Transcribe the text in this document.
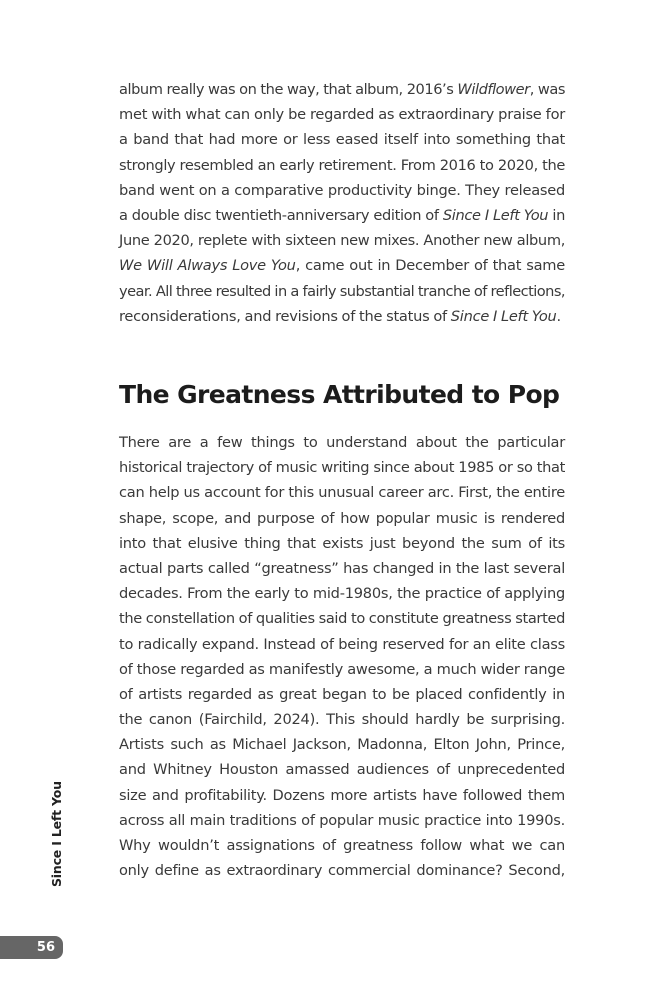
album really was on the way, that album, 2016’s Wildflower, was
met with what can only be regarded as extraordinary praise for
a band that had more or less eased itself into something that
strongly resembled an early retirement. From 2016 to 2020, the
band went on a comparative productivity binge. They released
a double disc twentieth-anniversary edition of Since I Left You in
June 2020, replete with sixteen new mixes. Another new album,
We Will Always Love You, came out in December of that same
year. All three resulted in a fairly substantial tranche of reflections,
reconsiderations, and revisions of the status of Since I Left You.
The Greatness Attributed to Pop
There are a few things to understand about the particular
historical trajectory of music writing since about 1985 or so that
can help us account for this unusual career arc. First, the entire
shape, scope, and purpose of how popular music is rendered
into that elusive thing that exists just beyond the sum of its
actual parts called “greatness” has changed in the last several
decades. From the early to mid-1980s, the practice of applying
the constellation of qualities said to constitute greatness started
to radically expand. Instead of being reserved for an elite class
of those regarded as manifestly awesome, a much wider range
of artists regarded as great began to be placed confidently in
the canon (Fairchild, 2024). This should hardly be surprising.
Artists such as Michael Jackson, Madonna, Elton John, Prince,
and Whitney Houston amassed audiences of unprecedented
size and profitability. Dozens more artists have followed them
across all main traditions of popular music practice into 1990s.
Why wouldn’t assignations of greatness follow what we can
only define as extraordinary commercial dominance? Second,
Since I Left You
56
